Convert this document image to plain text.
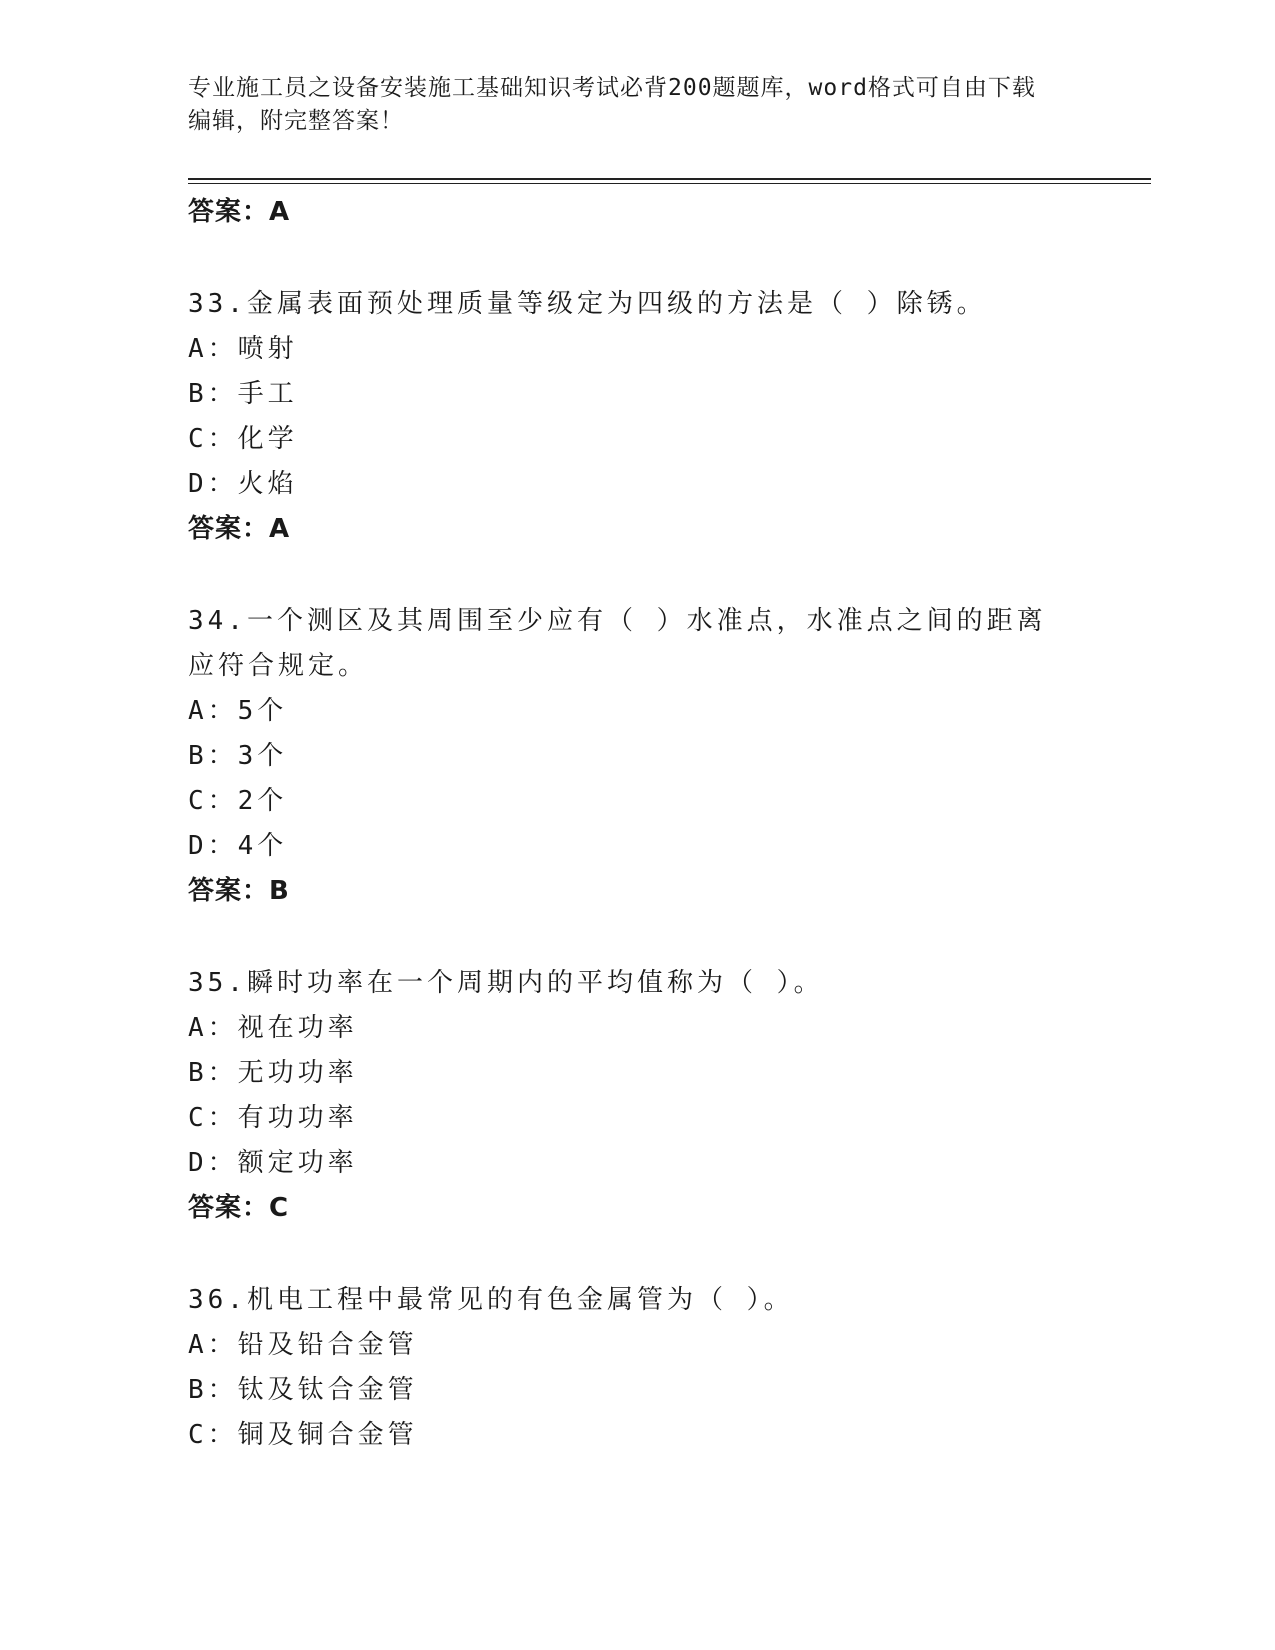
专业施工员之设备安装施工基础知识考试必背200题题库，word格式可自由下载
编辑，附完整答案！
答案：A
33.金属表面预处理质量等级定为四级的方法是（ ）除锈。
A：喷射
B：手工
C：化学
D：火焰
答案：A
34.一个测区及其周围至少应有（ ）水准点，水准点之间的距离应符合规定。
A：5个
B：3个
C：2个
D：4个
答案：B
35.瞬时功率在一个周期内的平均值称为（ ）。
A：视在功率
B：无功功率
C：有功功率
D：额定功率
答案：C
36.机电工程中最常见的有色金属管为（ ）。
A：铅及铅合金管
B：钛及钛合金管
C：铜及铜合金管
